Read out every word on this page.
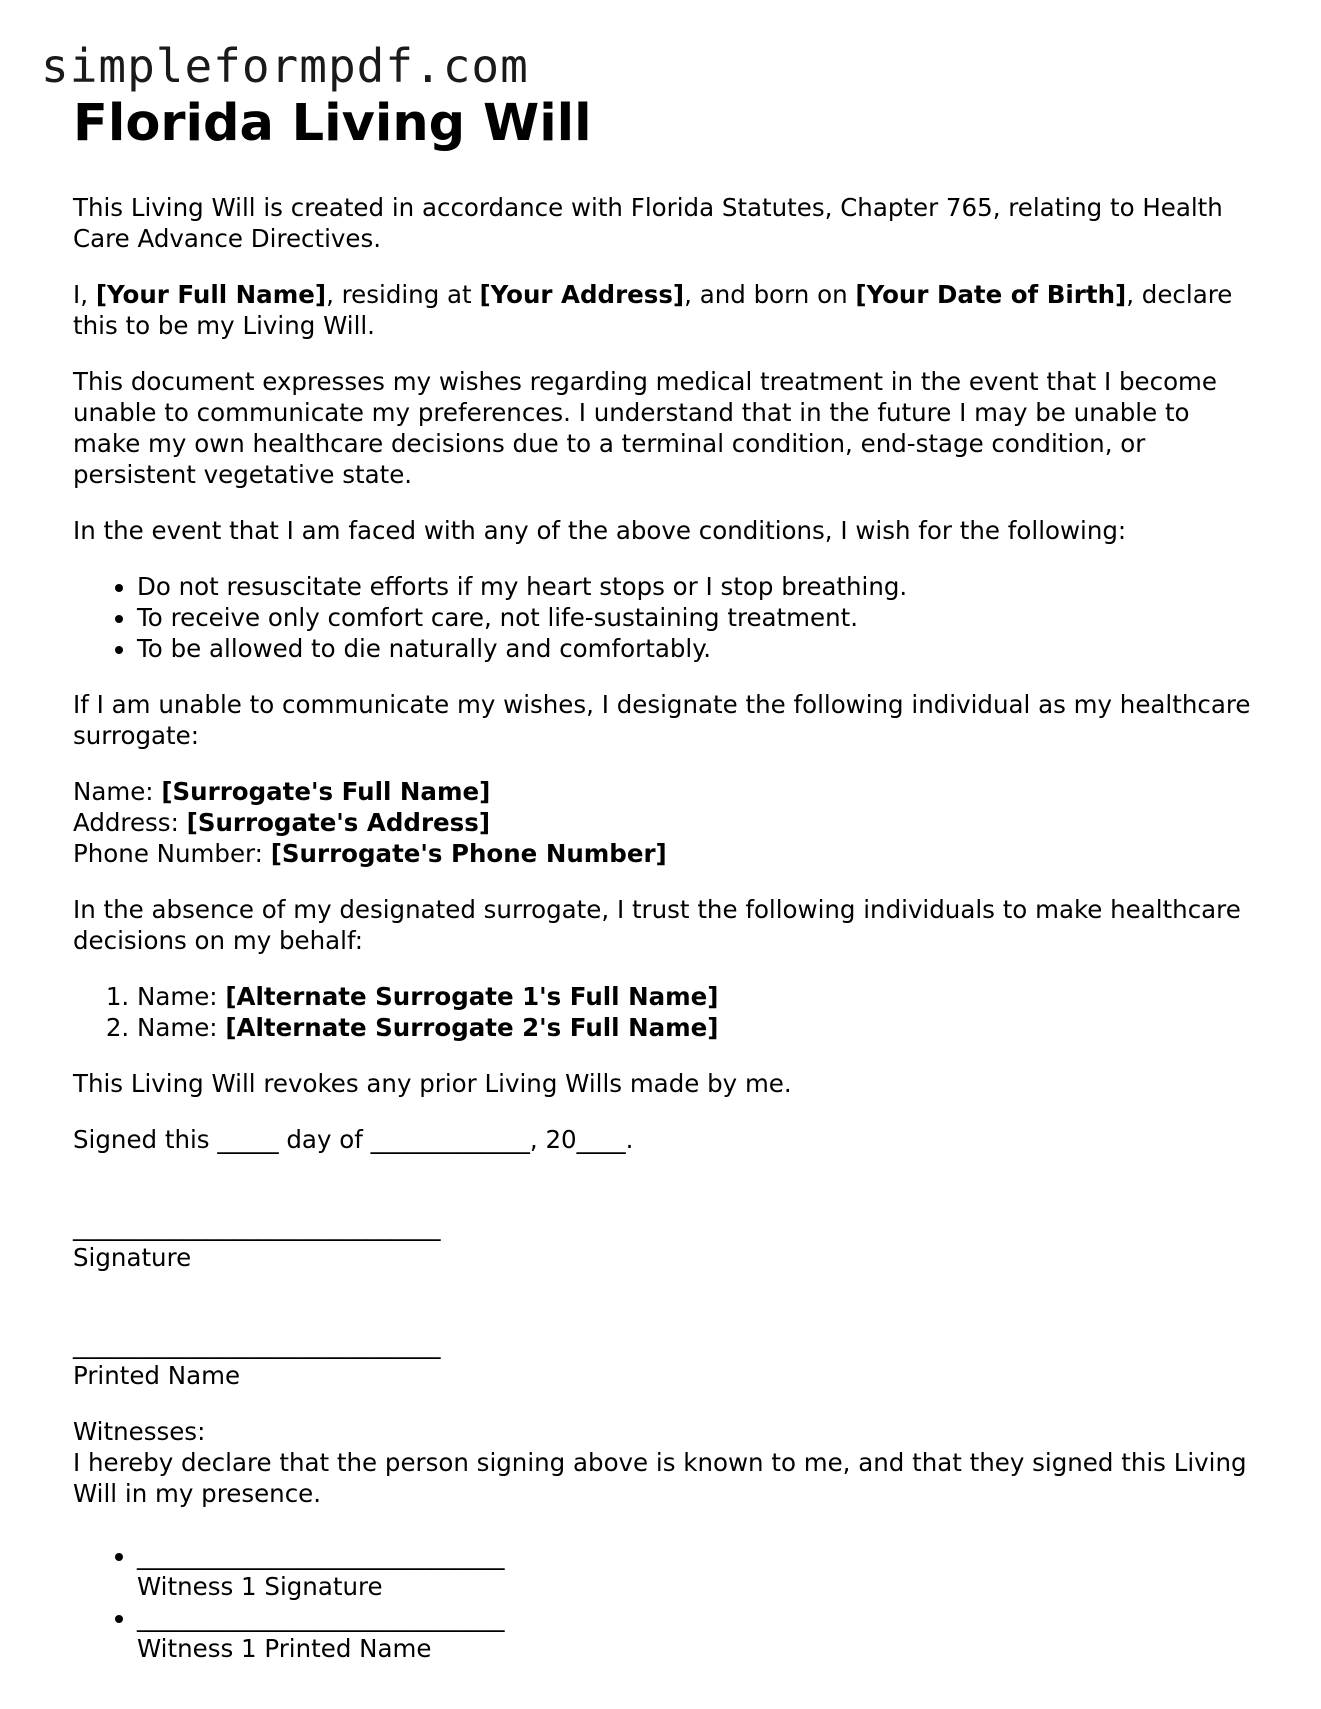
simpleformpdf.com
Florida Living Will

This Living Will is created in accordance with Florida Statutes, Chapter 765, relating to Health Care Advance Directives.

I, [Your Full Name], residing at [Your Address], and born on [Your Date of Birth], declare this to be my Living Will.

This document expresses my wishes regarding medical treatment in the event that I become unable to communicate my preferences. I understand that in the future I may be unable to make my own healthcare decisions due to a terminal condition, end-stage condition, or persistent vegetative state.

In the event that I am faced with any of the above conditions, I wish for the following:

• Do not resuscitate efforts if my heart stops or I stop breathing.
• To receive only comfort care, not life-sustaining treatment.
• To be allowed to die naturally and comfortably.

If I am unable to communicate my wishes, I designate the following individual as my healthcare surrogate:

Name: [Surrogate's Full Name]
Address: [Surrogate's Address]
Phone Number: [Surrogate's Phone Number]

In the absence of my designated surrogate, I trust the following individuals to make healthcare decisions on my behalf:

1. Name: [Alternate Surrogate 1's Full Name]
2. Name: [Alternate Surrogate 2's Full Name]

This Living Will revokes any prior Living Wills made by me.

Signed this _____ day of _____________, 20____.

______________________________
Signature
______________________________
Printed Name

Witnesses:
I hereby declare that the person signing above is known to me, and that they signed this Living Will in my presence.

• ______________________________
Witness 1 Signature
• ______________________________
Witness 1 Printed Name
